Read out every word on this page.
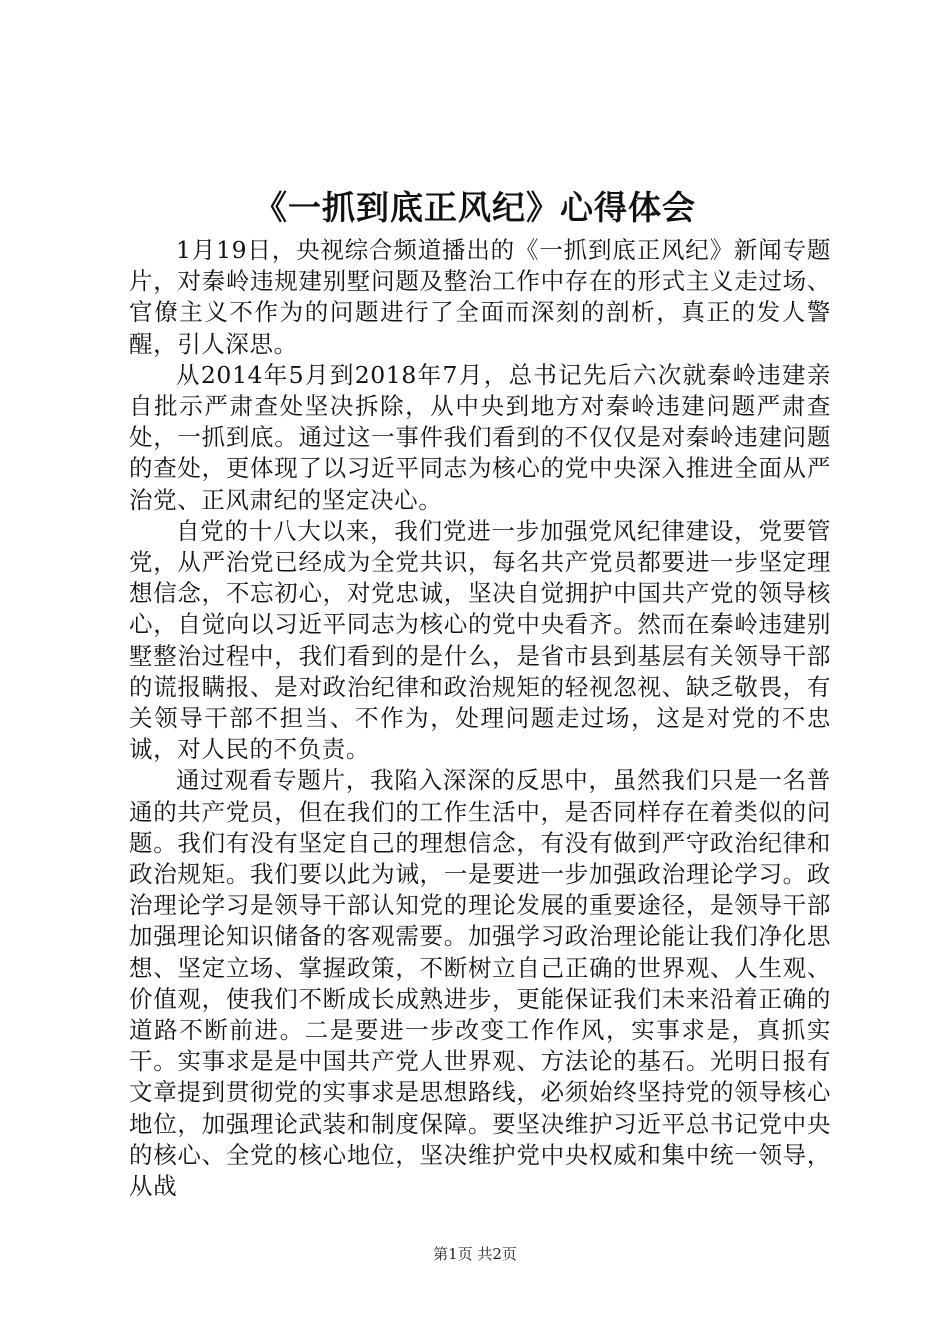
《一抓到底正风纪》心得体会

1月19日，央视综合频道播出的《一抓到底正风纪》新闻专题片，对秦岭违规建别墅问题及整治工作中存在的形式主义走过场、官僚主义不作为的问题进行了全面而深刻的剖析，真正的发人警醒，引人深思。

从2014年5月到2018年7月，总书记先后六次就秦岭违建亲自批示严肃查处坚决拆除，从中央到地方对秦岭违建问题严肃查处，一抓到底。通过这一事件我们看到的不仅仅是对秦岭违建问题的查处，更体现了以习近平同志为核心的党中央深入推进全面从严治党、正风肃纪的坚定决心。

自党的十八大以来，我们党进一步加强党风纪律建设，党要管党，从严治党已经成为全党共识，每名共产党员都要进一步坚定理想信念，不忘初心，对党忠诚，坚决自觉拥护中国共产党的领导核心，自觉向以习近平同志为核心的党中央看齐。然而在秦岭违建别墅整治过程中，我们看到的是什么，是省市县到基层有关领导干部的谎报瞒报、是对政治纪律和政治规矩的轻视忽视、缺乏敬畏，有关领导干部不担当、不作为，处理问题走过场，这是对党的不忠诚，对人民的不负责。

通过观看专题片，我陷入深深的反思中，虽然我们只是一名普通的共产党员，但在我们的工作生活中，是否同样存在着类似的问题。我们有没有坚定自己的理想信念，有没有做到严守政治纪律和政治规矩。我们要以此为诫，一是要进一步加强政治理论学习。政治理论学习是领导干部认知党的理论发展的重要途径，是领导干部加强理论知识储备的客观需要。加强学习政治理论能让我们净化思想、坚定立场、掌握政策，不断树立自己正确的世界观、人生观、价值观，使我们不断成长成熟进步，更能保证我们未来沿着正确的道路不断前进。二是要进一步改变工作作风，实事求是，真抓实干。实事求是是中国共产党人世界观、方法论的基石。光明日报有文章提到贯彻党的实事求是思想路线，必须始终坚持党的领导核心地位，加强理论武装和制度保障。要坚决维护习近平总书记党中央的核心、全党的核心地位，坚决维护党中央权威和集中统一领导，从战

第1页 共2页
